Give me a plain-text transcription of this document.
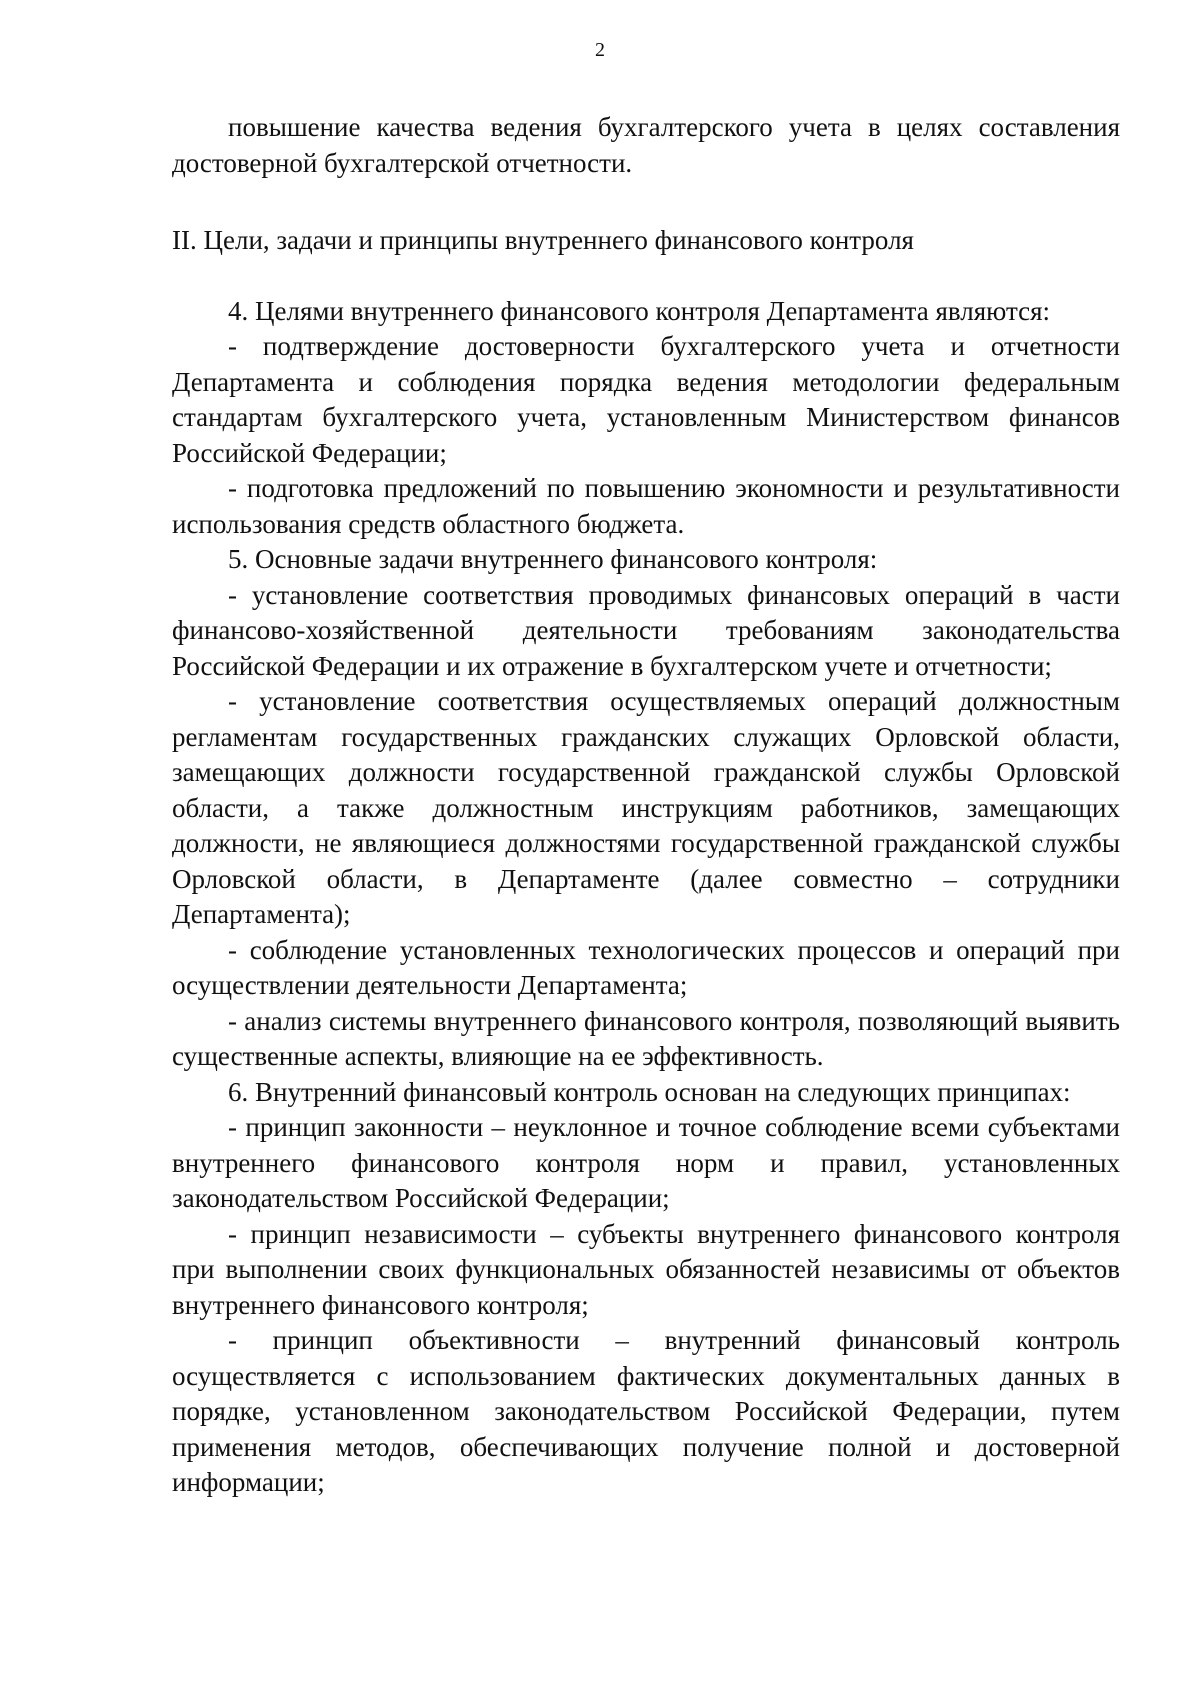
2

повышение качества ведения бухгалтерского учета в целях составления достоверной бухгалтерской отчетности.

II. Цели, задачи и принципы внутреннего финансового контроля

4. Целями внутреннего финансового контроля Департамента являются:

- подтверждение достоверности бухгалтерского учета и отчетности Департамента и соблюдения порядка ведения методологии федеральным стандартам бухгалтерского учета, установленным Министерством финансов Российской Федерации;

- подготовка предложений по повышению экономности и результативности использования средств областного бюджета.

5. Основные задачи внутреннего финансового контроля:

- установление соответствия проводимых финансовых операций в части финансово-хозяйственной деятельности требованиям законодательства Российской Федерации и их отражение в бухгалтерском учете и отчетности;

- установление соответствия осуществляемых операций должностным регламентам государственных гражданских служащих Орловской области, замещающих должности государственной гражданской службы Орловской области, а также должностным инструкциям работников, замещающих должности, не являющиеся должностями государственной гражданской службы Орловской области, в Департаменте (далее совместно – сотрудники Департамента);

- соблюдение установленных технологических процессов и операций при осуществлении деятельности Департамента;

- анализ системы внутреннего финансового контроля, позволяющий выявить существенные аспекты, влияющие на ее эффективность.

6. Внутренний финансовый контроль основан на следующих принципах:

- принцип законности – неуклонное и точное соблюдение всеми субъектами внутреннего финансового контроля норм и правил, установленных законодательством Российской Федерации;

- принцип независимости – субъекты внутреннего финансового контроля при выполнении своих функциональных обязанностей независимы от объектов внутреннего финансового контроля;

- принцип объективности – внутренний финансовый контроль осуществляется с использованием фактических документальных данных в порядке, установленном законодательством Российской Федерации, путем применения методов, обеспечивающих получение полной и достоверной информации;
